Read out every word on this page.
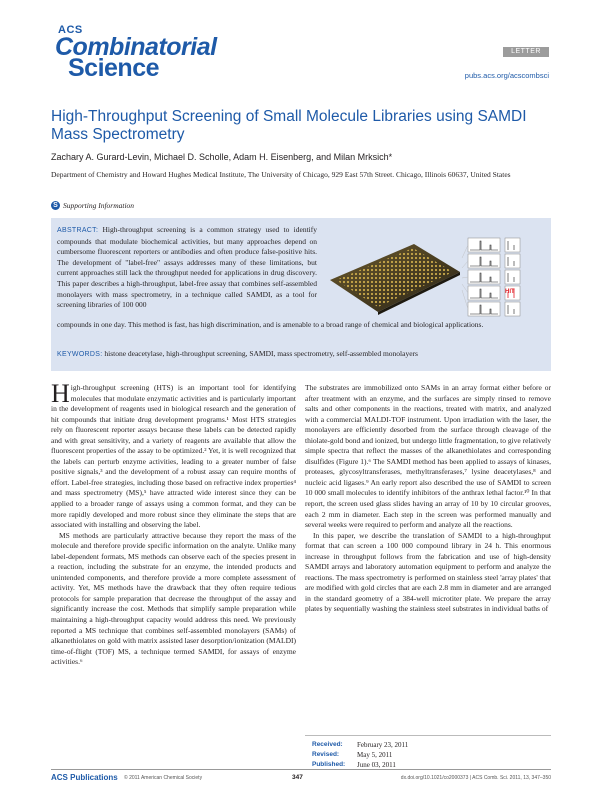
ACS
Combinatorial
Science
LETTER
pubs.acs.org/acscombsci
High-Throughput Screening of Small Molecule Libraries using SAMDI Mass Spectrometry
Zachary A. Gurard-Levin, Michael D. Scholle, Adam H. Eisenberg, and Milan Mrksich*
Department of Chemistry and Howard Hughes Medical Institute, The University of Chicago, 929 East 57th Street. Chicago, Illinois 60637, United States
S Supporting Information
ABSTRACT: High-throughput screening is a common strategy used to identify compounds that modulate biochemical activities, but many approaches depend on cumbersome fluorescent reporters or antibodies and often produce false-positive hits. The development of "label-free" assays addresses many of these limitations, but current approaches still lack the throughput needed for applications in drug discovery. This paper describes a high-throughput, label-free assay that combines self-assembled monolayers with mass spectrometry, in a technique called SAMDI, as a tool for screening libraries of 100 000
compounds in one day. This method is fast, has high discrimination, and is amenable to a broad range of chemical and biological applications.
KEYWORDS: histone deacetylase, high-throughput screening, SAMDI, mass spectrometry, self-assembled monolayers
HIT

High-throughput screening (HTS) is an important tool for identifying molecules that modulate enzymatic activities and is particularly important in the development of reagents used in biological research and the generation of hit compounds that initiate drug development programs.¹ Most HTS strategies rely on fluorescent reporter assays because these labels can be detected rapidly and with great sensitivity, and a variety of reagents are available that allow the fluorescent properties of the assay to be optimized.² Yet, it is well recognized that the labels can perturb enzyme activities, leading to a greater number of false positive signals,³ and the development of a robust assay can require months of effort. Label-free strategies, including those based on refractive index properties⁴ and mass spectrometry (MS),⁵ have attracted wide interest since they can be applied to a broader range of assays using a common format, and they can be more rapidly developed and more robust since they eliminate the steps that are associated with installing and observing the label.

MS methods are particularly attractive because they report the mass of the molecule and therefore provide specific information on the analyte. Unlike many label-dependent formats, MS methods can observe each of the species present in a reaction, including the substrate for an enzyme, the intended products and unintended components, and therefore provide a more complete assessment of activity. Yet, MS methods have the drawback that they often require tedious protocols for sample preparation that decrease the throughput of the assay and significantly increase the cost. Methods that simplify sample preparation while maintaining a high-throughput capacity would address this need. We previously reported a MS technique that combines self-assembled monolayers (SAMs) of alkanethiolates on gold with matrix assisted laser desorption/ionization (MALDI) time-of-flight (TOF) MS, a technique termed SAMDI, for assays of enzyme activities.⁶

The substrates are immobilized onto SAMs in an array format either before or after treatment with an enzyme, and the surfaces are simply rinsed to remove salts and other components in the reactions, treated with matrix, and analyzed with a commercial MALDI-TOF instrument. Upon irradiation with the laser, the monolayers are efficiently desorbed from the surface through cleavage of the thiolate-gold bond and ionized, but undergo little fragmentation, to give relatively simple spectra that reflect the masses of the alkanethiolates and corresponding disulfides (Figure 1).⁶ The SAMDI method has been applied to assays of kinases, proteases, glycosyltransferases, methyltransferases,⁷ lysine deacetylases,⁸ and nucleic acid ligases.⁹ An early report also described the use of SAMDI to screen 10 000 small molecules to identify inhibitors of the anthrax lethal factor.¹⁰ In that report, the screen used glass slides having an array of 10 by 10 circular grooves, each 2 mm in diameter. Each step in the screen was performed manually and several weeks were required to perform and analyze all the reactions.

In this paper, we describe the translation of SAMDI to a high-throughput format that can screen a 100 000 compound library in 24 h. This enormous increase in throughput follows from the fabrication and use of high-density SAMDI arrays and laboratory automation equipment to perform and analyze the reactions. The mass spectrometry is performed on stainless steel 'array plates' that are modified with gold circles that are each 2.8 mm in diameter and are arranged in the standard geometry of a 384-well microtiter plate. We prepare the array plates by sequentially washing the stainless steel substrates in individual baths of

Received:	February 23, 2011
Revised:	May 5, 2011
Published:	June 03, 2011
ACS Publications © 2011 American Chemical Society	347	dx.doi.org/10.1021/co2000373 | ACS Comb. Sci. 2011, 13, 347–350
